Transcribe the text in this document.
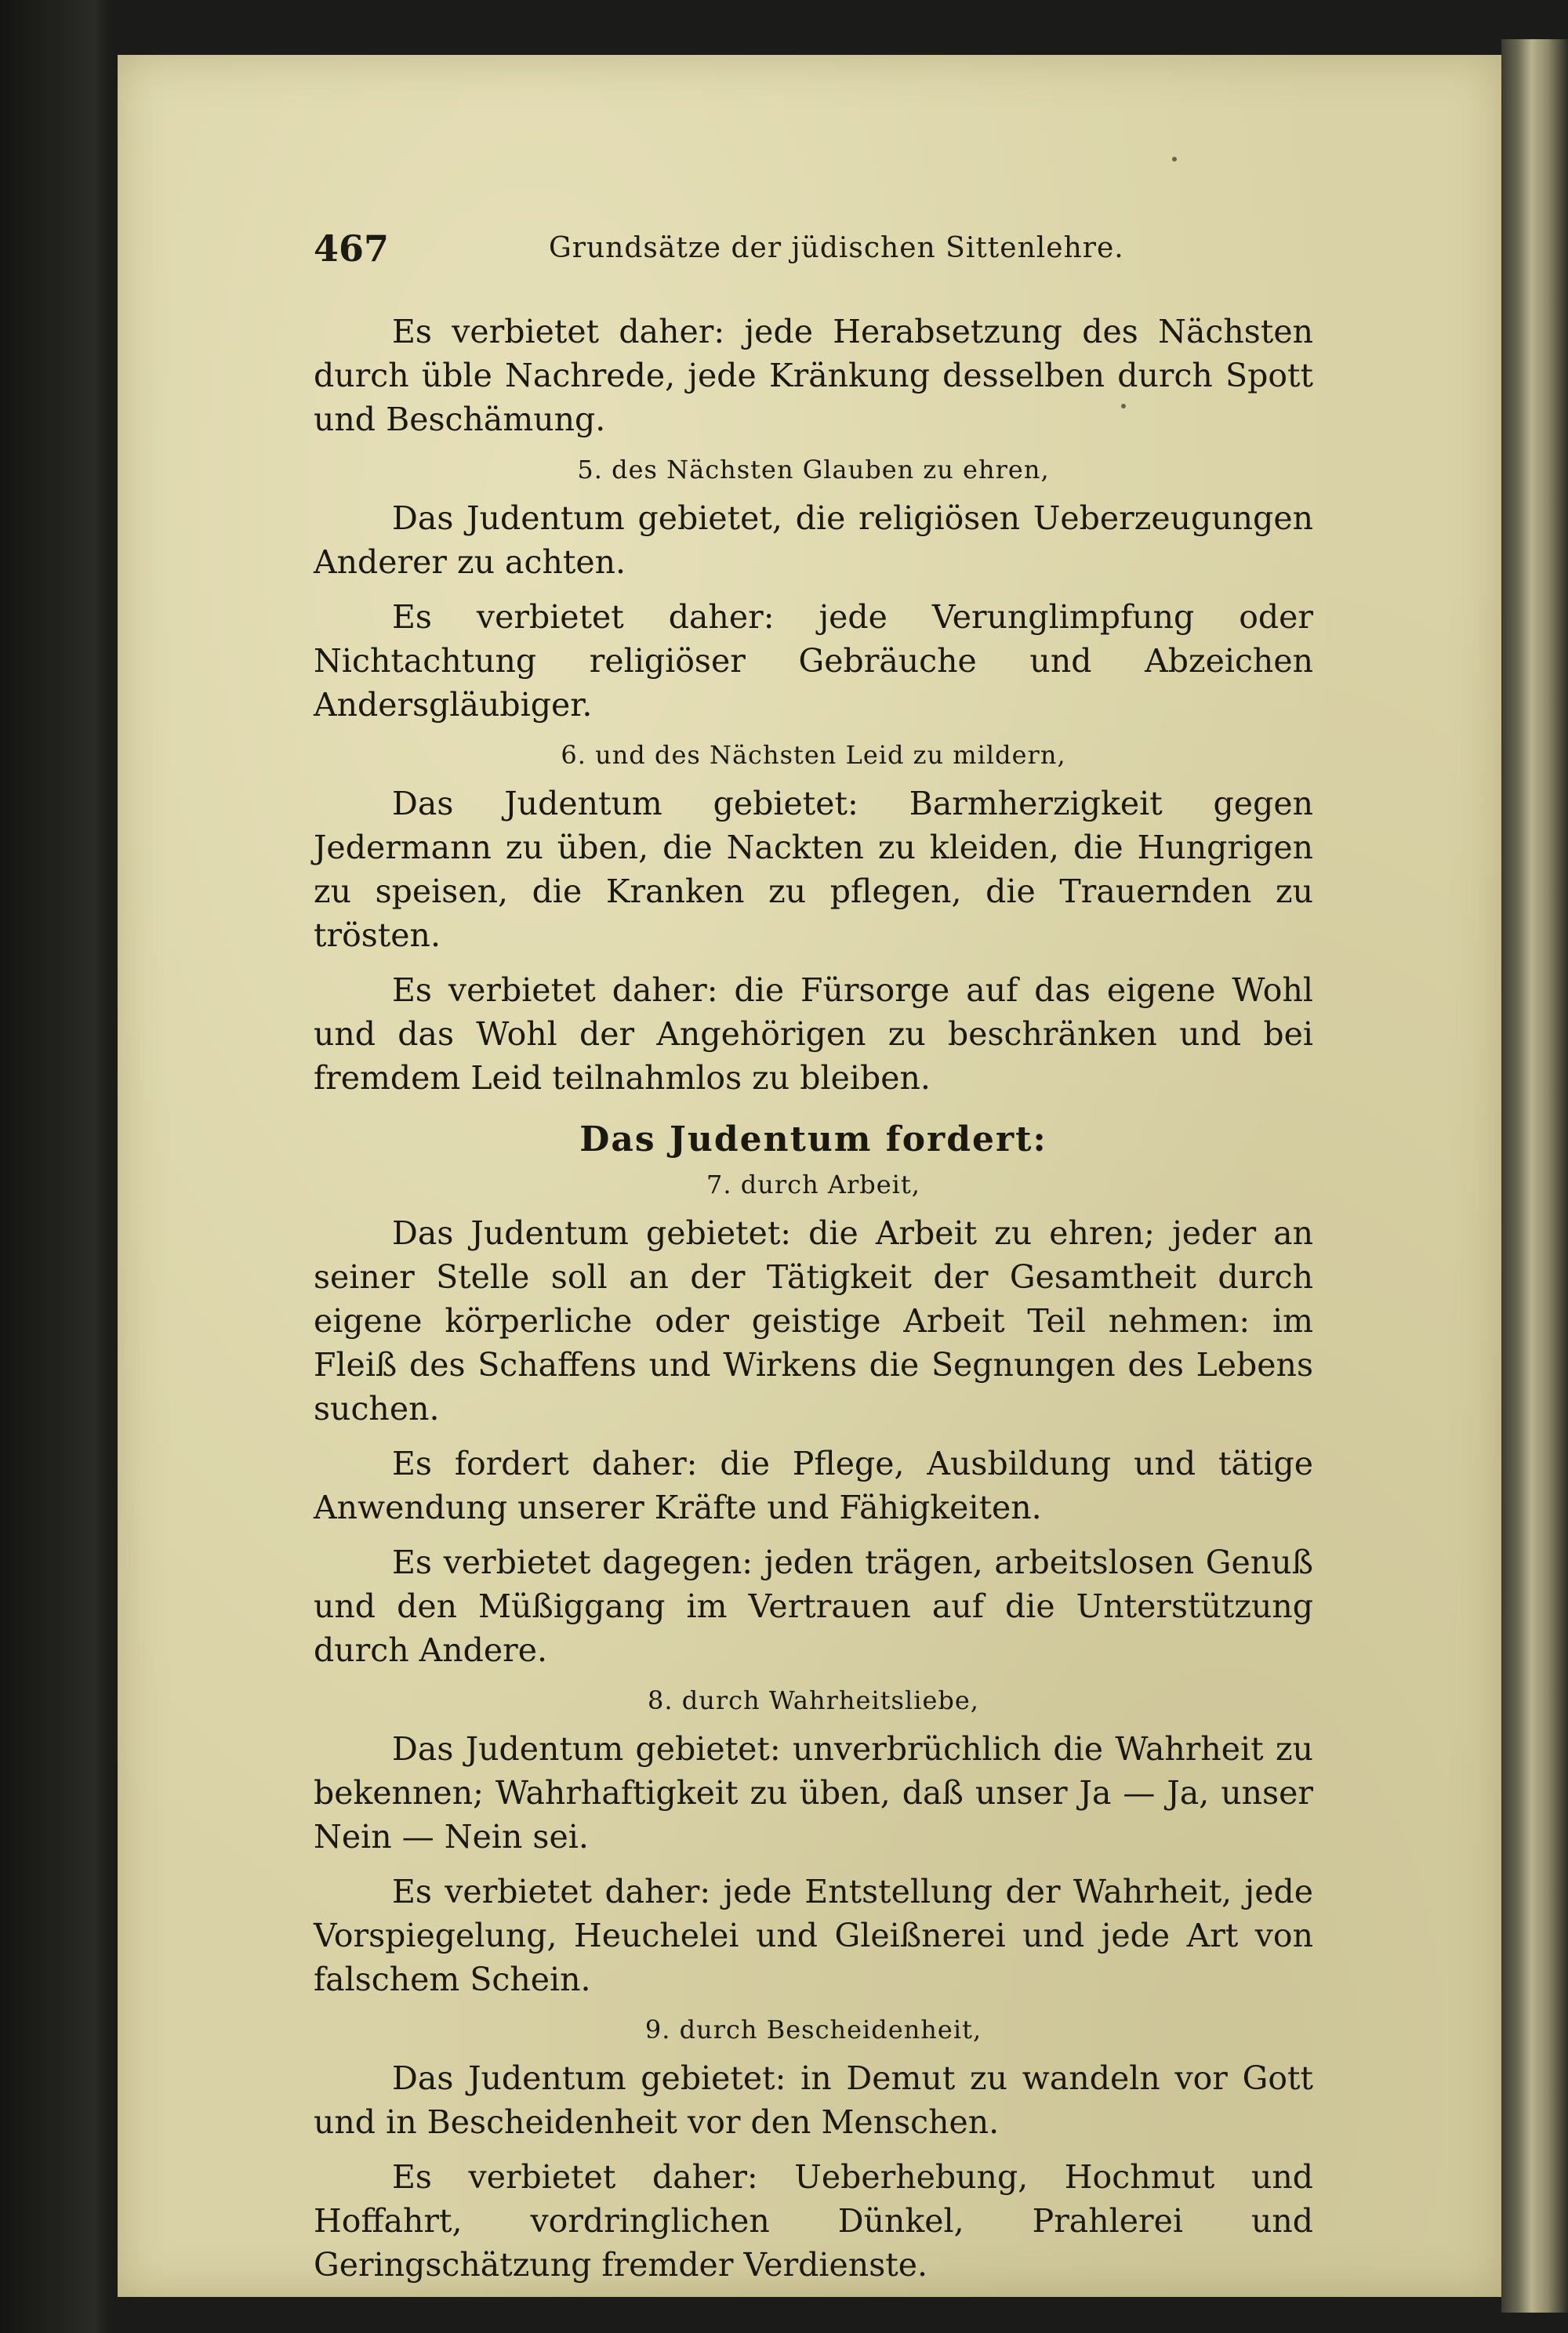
467	Grundsätze der jüdischen Sittenlehre.

Es verbietet daher: jede Herabsetzung des Nächsten durch üble Nachrede, jede Kränkung desselben durch Spott und Beschämung.

5. des Nächsten Glauben zu ehren,

Das Judentum gebietet, die religiösen Ueberzeugungen Anderer zu achten.

Es verbietet daher: jede Verunglimpfung oder Nichtachtung religiöser Gebräuche und Abzeichen Andersgläubiger.

6. und des Nächsten Leid zu mildern,

Das Judentum gebietet: Barmherzigkeit gegen Jedermann zu üben, die Nackten zu kleiden, die Hungrigen zu speisen, die Kranken zu pflegen, die Trauernden zu trösten.

Es verbietet daher: die Fürsorge auf das eigene Wohl und das Wohl der Angehörigen zu beschränken und bei fremdem Leid teilnahmlos zu bleiben.

Das Judentum fordert:
7. durch Arbeit,

Das Judentum gebietet: die Arbeit zu ehren; jeder an seiner Stelle soll an der Tätigkeit der Gesamtheit durch eigene körperliche oder geistige Arbeit Teil nehmen: im Fleiß des Schaffens und Wirkens die Segnungen des Lebens suchen.

Es fordert daher: die Pflege, Ausbildung und tätige Anwendung unserer Kräfte und Fähigkeiten.

Es verbietet dagegen: jeden trägen, arbeitslosen Genuß und den Müßiggang im Vertrauen auf die Unterstützung durch Andere.

8. durch Wahrheitsliebe,

Das Judentum gebietet: unverbrüchlich die Wahrheit zu bekennen; Wahrhaftigkeit zu üben, daß unser Ja — Ja, unser Nein — Nein sei.

Es verbietet daher: jede Entstellung der Wahrheit, jede Vorspiegelung, Heuchelei und Gleißnerei und jede Art von falschem Schein.

9. durch Bescheidenheit,

Das Judentum gebietet: in Demut zu wandeln vor Gott und in Bescheidenheit vor den Menschen.

Es verbietet daher: Ueberhebung, Hochmut und Hoffahrt, vordringlichen Dünkel, Prahlerei und Geringschätzung fremder Verdienste.
